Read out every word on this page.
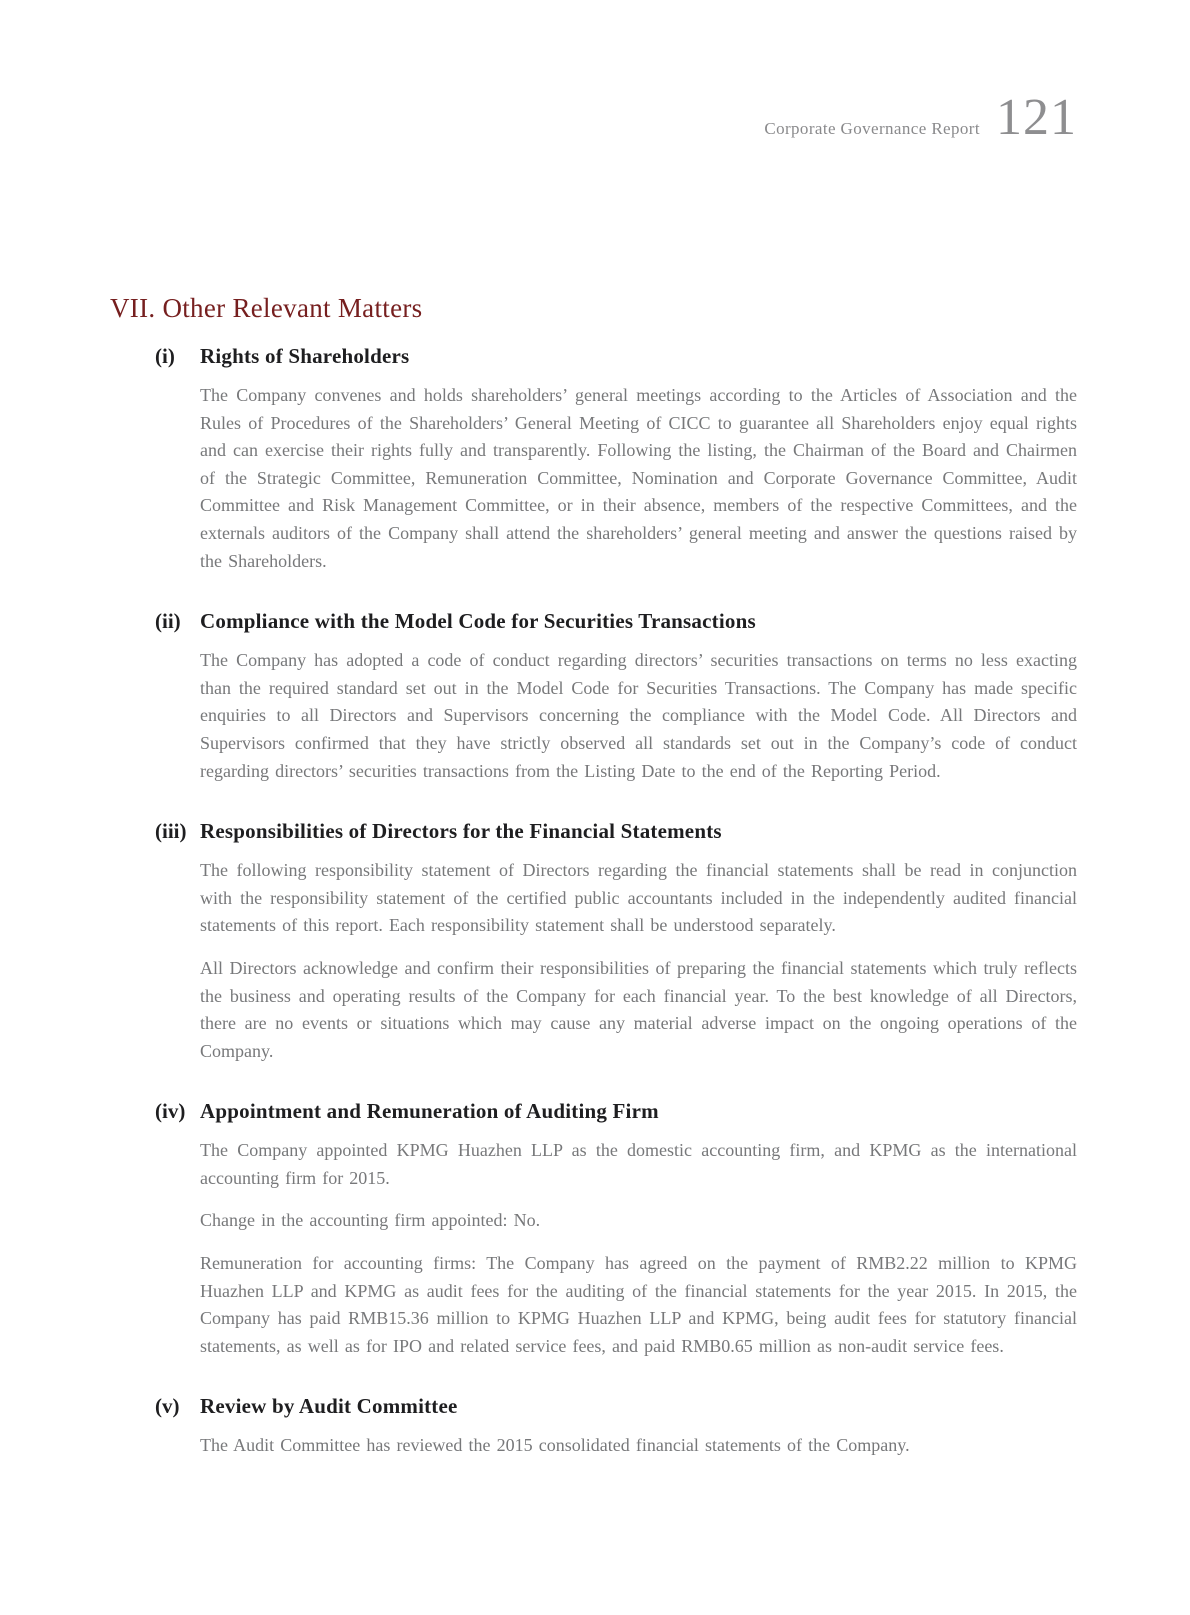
Corporate Governance Report 121
VII. Other Relevant Matters
(i)	Rights of Shareholders

The Company convenes and holds shareholders’ general meetings according to the Articles of Association and the Rules of Procedures of the Shareholders’ General Meeting of CICC to guarantee all Shareholders enjoy equal rights and can exercise their rights fully and transparently. Following the listing, the Chairman of the Board and Chairmen of the Strategic Committee, Remuneration Committee, Nomination and Corporate Governance Committee, Audit Committee and Risk Management Committee, or in their absence, members of the respective Committees, and the externals auditors of the Company shall attend the shareholders’ general meeting and answer the questions raised by the Shareholders.

(ii) Compliance with the Model Code for Securities Transactions

The Company has adopted a code of conduct regarding directors’ securities transactions on terms no less exacting than the required standard set out in the Model Code for Securities Transactions. The Company has made specific enquiries to all Directors and Supervisors concerning the compliance with the Model Code. All Directors and Supervisors confirmed that they have strictly observed all standards set out in the Company’s code of conduct regarding directors’ securities transactions from the Listing Date to the end of the Reporting Period.

(iii) Responsibilities of Directors for the Financial Statements

The following responsibility statement of Directors regarding the financial statements shall be read in conjunction with the responsibility statement of the certified public accountants included in the independently audited financial statements of this report. Each responsibility statement shall be understood separately.

All Directors acknowledge and confirm their responsibilities of preparing the financial statements which truly reflects the business and operating results of the Company for each financial year. To the best knowledge of all Directors, there are no events or situations which may cause any material adverse impact on the ongoing operations of the Company.

(iv) Appointment and Remuneration of Auditing Firm

The Company appointed KPMG Huazhen LLP as the domestic accounting firm, and KPMG as the international accounting firm for 2015.

Change in the accounting firm appointed: No.

Remuneration for accounting firms: The Company has agreed on the payment of RMB2.22 million to KPMG Huazhen LLP and KPMG as audit fees for the auditing of the financial statements for the year 2015. In 2015, the Company has paid RMB15.36 million to KPMG Huazhen LLP and KPMG, being audit fees for statutory financial statements, as well as for IPO and related service fees, and paid RMB0.65 million as non-audit service fees.

(v) Review by Audit Committee

The Audit Committee has reviewed the 2015 consolidated financial statements of the Company.
